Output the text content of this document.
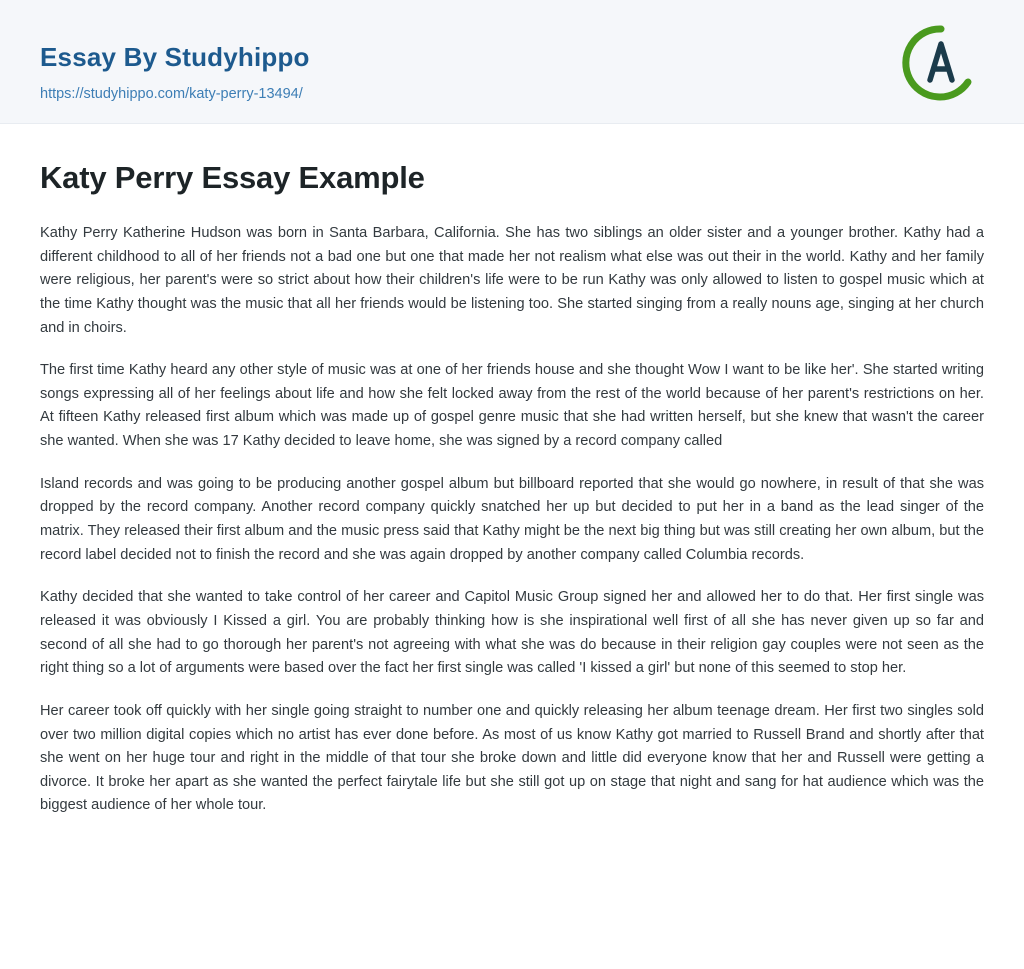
Essay By Studyhippo
https://studyhippo.com/katy-perry-13494/
Katy Perry Essay Example

Kathy Perry Katherine Hudson was born in Santa Barbara, California. She has two siblings an older sister and a younger brother. Kathy had a different childhood to all of her friends not a bad one but one that made her not realism what else was out their in the world. Kathy and her family were religious, her parent's were so strict about how their children's life were to be run Kathy was only allowed to listen to gospel music which at the time Kathy thought was the music that all her friends would be listening too. She started singing from a really nouns age, singing at her church and in choirs.

The first time Kathy heard any other style of music was at one of her friends house and she thought Wow I want to be like her'. She started writing songs expressing all of her feelings about life and how she felt locked away from the rest of the world because of her parent's restrictions on her. At fifteen Kathy released first album which was made up of gospel genre music that she had written herself, but she knew that wasn't the career she wanted. When she was 17 Kathy decided to leave home, she was signed by a record company called

Island records and was going to be producing another gospel album but billboard reported that she would go nowhere, in result of that she was dropped by the record company. Another record company quickly snatched her up but decided to put her in a band as the lead singer of the matrix. They released their first album and the music press said that Kathy might be the next big thing but was still creating her own album, but the record label decided not to finish the record and she was again dropped by another company called Columbia records.

Kathy decided that she wanted to take control of her career and Capitol Music Group signed her and allowed her to do that. Her first single was released it was obviously I Kissed a girl. You are probably thinking how is she inspirational well first of all she has never given up so far and second of all she had to go thorough her parent's not agreeing with what she was do because in their religion gay couples were not seen as the right thing so a lot of arguments were based over the fact her first single was called 'I kissed a girl' but none of this seemed to stop her.

Her career took off quickly with her single going straight to number one and quickly releasing her album teenage dream. Her first two singles sold over two million digital copies which no artist has ever done before. As most of us know Kathy got married to Russell Brand and shortly after that she went on her huge tour and right in the middle of that tour she broke down and little did everyone know that her and Russell were getting a divorce. It broke her apart as she wanted the perfect fairytale life but she still got up on stage that night and sang for hat audience which was the biggest audience of her whole tour.
